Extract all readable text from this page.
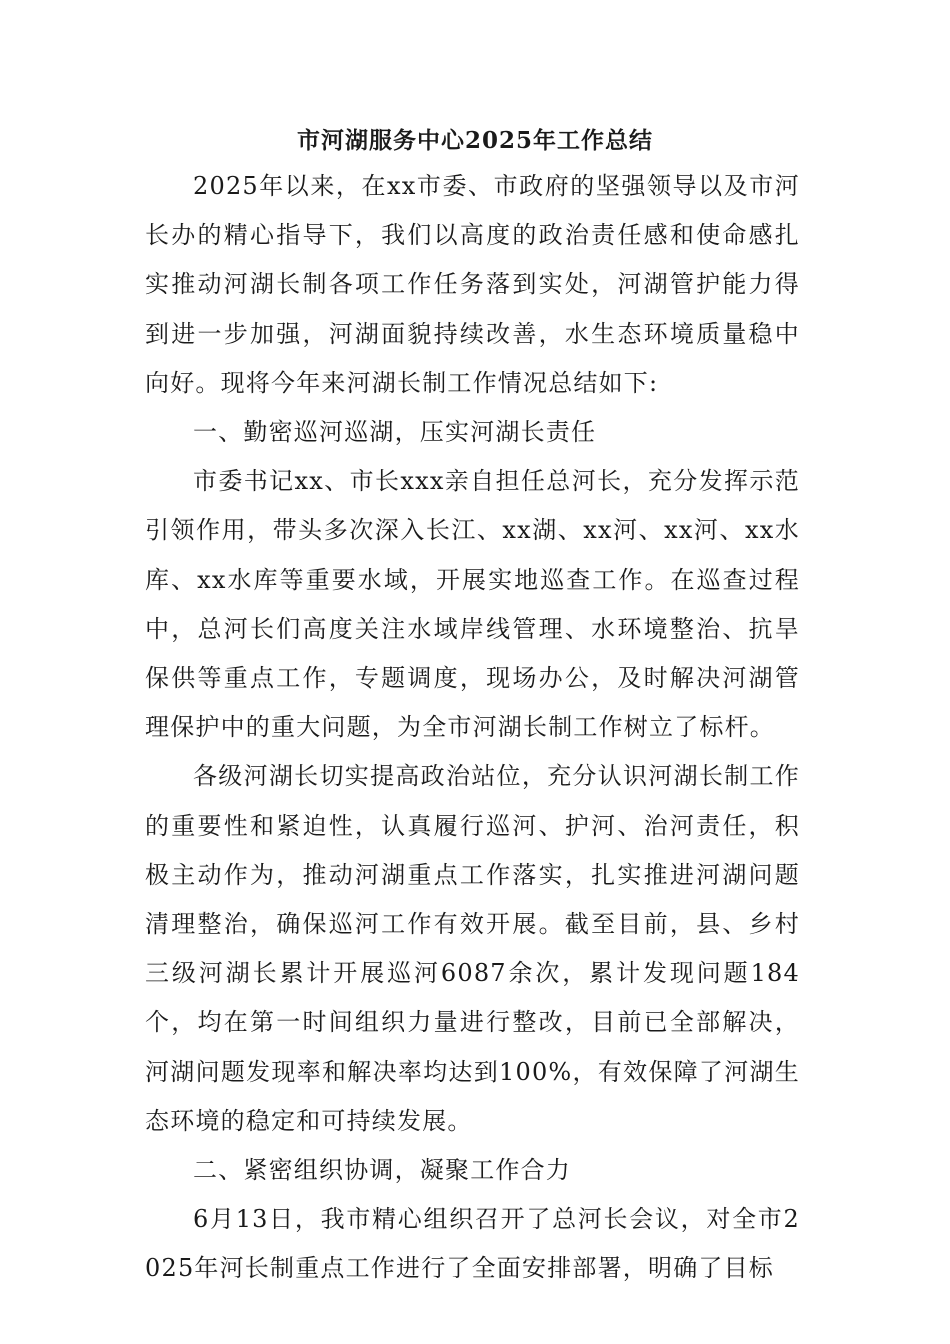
市河湖服务中心2025年工作总结

2025年以来，在xx市委、市政府的坚强领导以及市河长办的精心指导下，我们以高度的政治责任感和使命感扎实推动河湖长制各项工作任务落到实处，河湖管护能力得到进一步加强，河湖面貌持续改善，水生态环境质量稳中向好。现将今年来河湖长制工作情况总结如下:

一、勤密巡河巡湖，压实河湖长责任

市委书记xx、市长xxx亲自担任总河长，充分发挥示范引领作用，带头多次深入长江、xx湖、xx河、xx河、xx水库、xx水库等重要水域，开展实地巡查工作。在巡查过程中，总河长们高度关注水域岸线管理、水环境整治、抗旱保供等重点工作，专题调度，现场办公，及时解决河湖管理保护中的重大问题，为全市河湖长制工作树立了标杆。

各级河湖长切实提高政治站位，充分认识河湖长制工作的重要性和紧迫性，认真履行巡河、护河、治河责任，积极主动作为，推动河湖重点工作落实，扎实推进河湖问题清理整治，确保巡河工作有效开展。截至目前，县、乡村三级河湖长累计开展巡河6087余次，累计发现问题184个，均在第一时间组织力量进行整改，目前已全部解决，河湖问题发现率和解决率均达到100%，有效保障了河湖生态环境的稳定和可持续发展。

二、紧密组织协调，凝聚工作合力

6月13日，我市精心组织召开了总河长会议，对全市2025年河长制重点工作进行了全面安排部署，明确了目标
